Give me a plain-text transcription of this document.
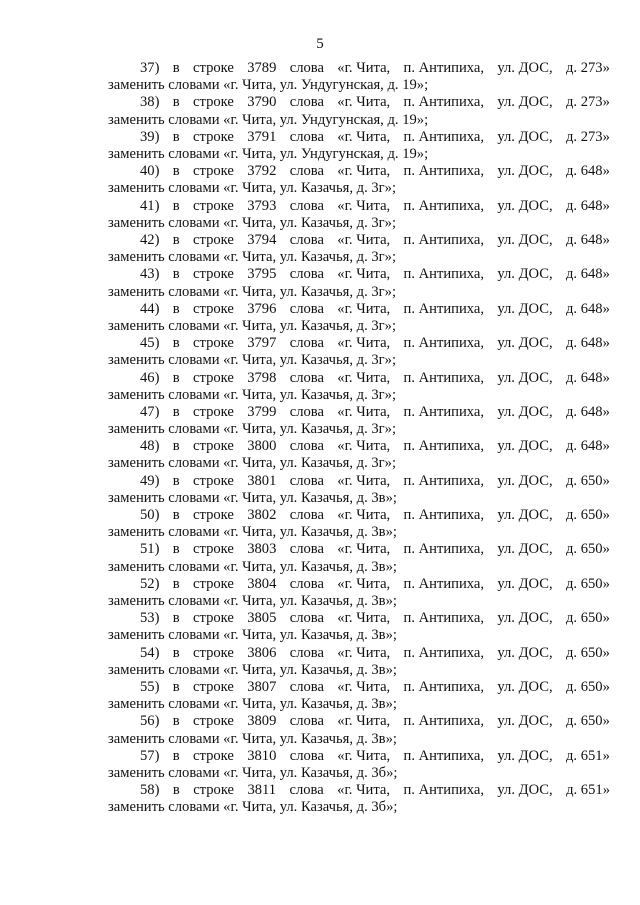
5
37) в строке 3789 слова «г. Чита, п. Антипиха, ул. ДОС, д. 273»
заменить словами «г. Чита, ул. Ундугунская, д. 19»;
38) в строке 3790 слова «г. Чита, п. Антипиха, ул. ДОС, д. 273»
заменить словами «г. Чита, ул. Ундугунская, д. 19»;
39) в строке 3791 слова «г. Чита, п. Антипиха, ул. ДОС, д. 273»
заменить словами «г. Чита, ул. Ундугунская, д. 19»;
40) в строке 3792 слова «г. Чита, п. Антипиха, ул. ДОС, д. 648»
заменить словами «г. Чита, ул. Казачья, д. 3г»;
41) в строке 3793 слова «г. Чита, п. Антипиха, ул. ДОС, д. 648»
заменить словами «г. Чита, ул. Казачья, д. 3г»;
42) в строке 3794 слова «г. Чита, п. Антипиха, ул. ДОС, д. 648»
заменить словами «г. Чита, ул. Казачья, д. 3г»;
43) в строке 3795 слова «г. Чита, п. Антипиха, ул. ДОС, д. 648»
заменить словами «г. Чита, ул. Казачья, д. 3г»;
44) в строке 3796 слова «г. Чита, п. Антипиха, ул. ДОС, д. 648»
заменить словами «г. Чита, ул. Казачья, д. 3г»;
45) в строке 3797 слова «г. Чита, п. Антипиха, ул. ДОС, д. 648»
заменить словами «г. Чита, ул. Казачья, д. 3г»;
46) в строке 3798 слова «г. Чита, п. Антипиха, ул. ДОС, д. 648»
заменить словами «г. Чита, ул. Казачья, д. 3г»;
47) в строке 3799 слова «г. Чита, п. Антипиха, ул. ДОС, д. 648»
заменить словами «г. Чита, ул. Казачья, д. 3г»;
48) в строке 3800 слова «г. Чита, п. Антипиха, ул. ДОС, д. 648»
заменить словами «г. Чита, ул. Казачья, д. 3г»;
49) в строке 3801 слова «г. Чита, п. Антипиха, ул. ДОС, д. 650»
заменить словами «г. Чита, ул. Казачья, д. 3в»;
50) в строке 3802 слова «г. Чита, п. Антипиха, ул. ДОС, д. 650»
заменить словами «г. Чита, ул. Казачья, д. 3в»;
51) в строке 3803 слова «г. Чита, п. Антипиха, ул. ДОС, д. 650»
заменить словами «г. Чита, ул. Казачья, д. 3в»;
52) в строке 3804 слова «г. Чита, п. Антипиха, ул. ДОС, д. 650»
заменить словами «г. Чита, ул. Казачья, д. 3в»;
53) в строке 3805 слова «г. Чита, п. Антипиха, ул. ДОС, д. 650»
заменить словами «г. Чита, ул. Казачья, д. 3в»;
54) в строке 3806 слова «г. Чита, п. Антипиха, ул. ДОС, д. 650»
заменить словами «г. Чита, ул. Казачья, д. 3в»;
55) в строке 3807 слова «г. Чита, п. Антипиха, ул. ДОС, д. 650»
заменить словами «г. Чита, ул. Казачья, д. 3в»;
56) в строке 3809 слова «г. Чита, п. Антипиха, ул. ДОС, д. 650»
заменить словами «г. Чита, ул. Казачья, д. 3в»;
57) в строке 3810 слова «г. Чита, п. Антипиха, ул. ДОС, д. 651»
заменить словами «г. Чита, ул. Казачья, д. 3б»;
58) в строке 3811 слова «г. Чита, п. Антипиха, ул. ДОС, д. 651»
заменить словами «г. Чита, ул. Казачья, д. 3б»;
